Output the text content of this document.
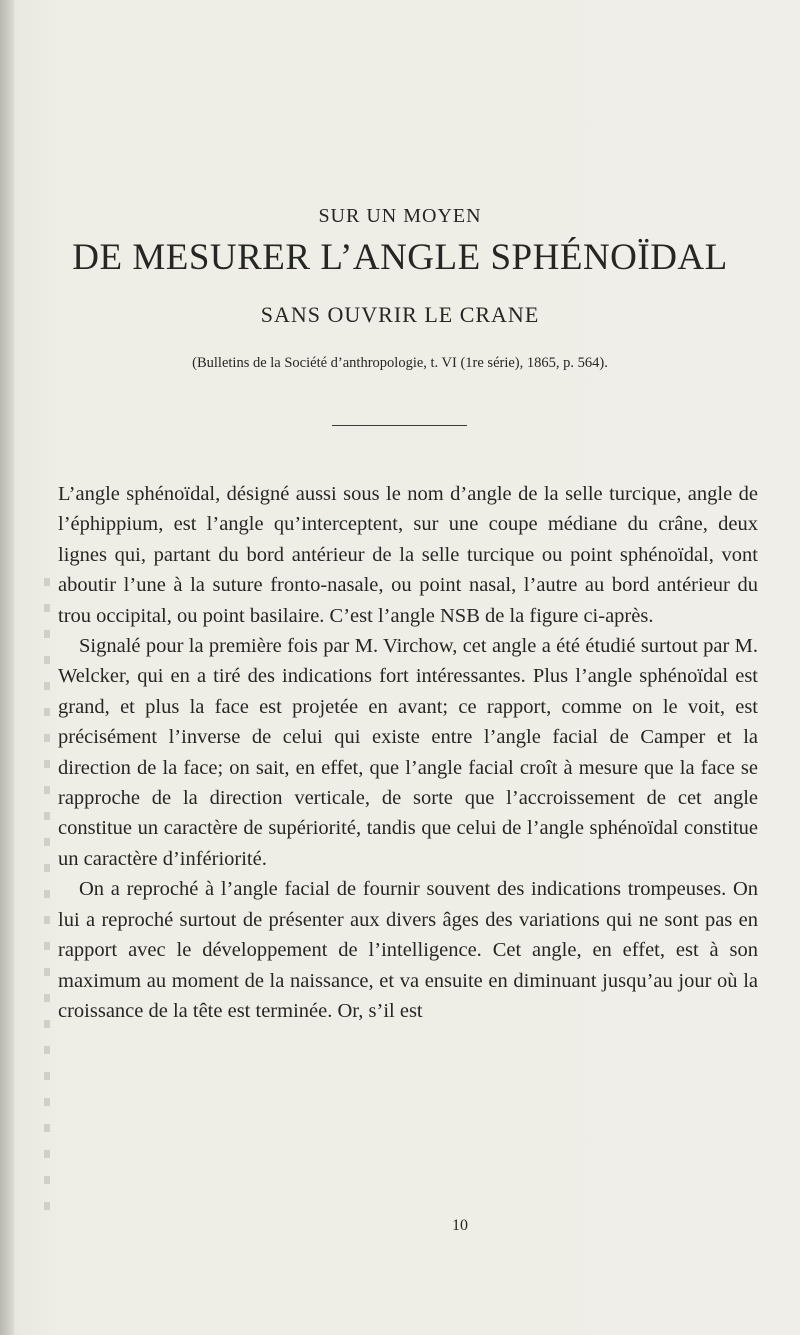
SUR UN MOYEN
DE MESURER L’ANGLE SPHÉNOÏDAL
SANS OUVRIR LE CRANE
(Bulletins de la Société d’anthropologie, t. VI (1re série), 1865, p. 564).

L’angle sphénoïdal, désigné aussi sous le nom d’angle de la selle turcique, angle de l’éphippium, est l’angle qu’interceptent, sur une coupe médiane du crâne, deux lignes qui, partant du bord antérieur de la selle turcique ou point sphénoïdal, vont aboutir l’une à la suture fronto-nasale, ou point nasal, l’autre au bord antérieur du trou occipital, ou point basilaire. C’est l’angle NSB de la figure ci-après.

Signalé pour la première fois par M. Virchow, cet angle a été étudié surtout par M. Welcker, qui en a tiré des indications fort intéressantes. Plus l’angle sphénoïdal est grand, et plus la face est projetée en avant; ce rapport, comme on le voit, est précisément l’inverse de celui qui existe entre l’angle facial de Camper et la direction de la face; on sait, en effet, que l’angle facial croît à mesure que la face se rapproche de la direction verticale, de sorte que l’accroissement de cet angle constitue un caractère de supériorité, tandis que celui de l’angle sphénoïdal constitue un caractère d’infériorité.

On a reproché à l’angle facial de fournir souvent des indications trompeuses. On lui a reproché surtout de présenter aux divers âges des variations qui ne sont pas en rapport avec le développement de l’intelligence. Cet angle, en effet, est à son maximum au moment de la naissance, et va ensuite en diminuant jusqu’au jour où la croissance de la tête est terminée. Or, s’il est

10
